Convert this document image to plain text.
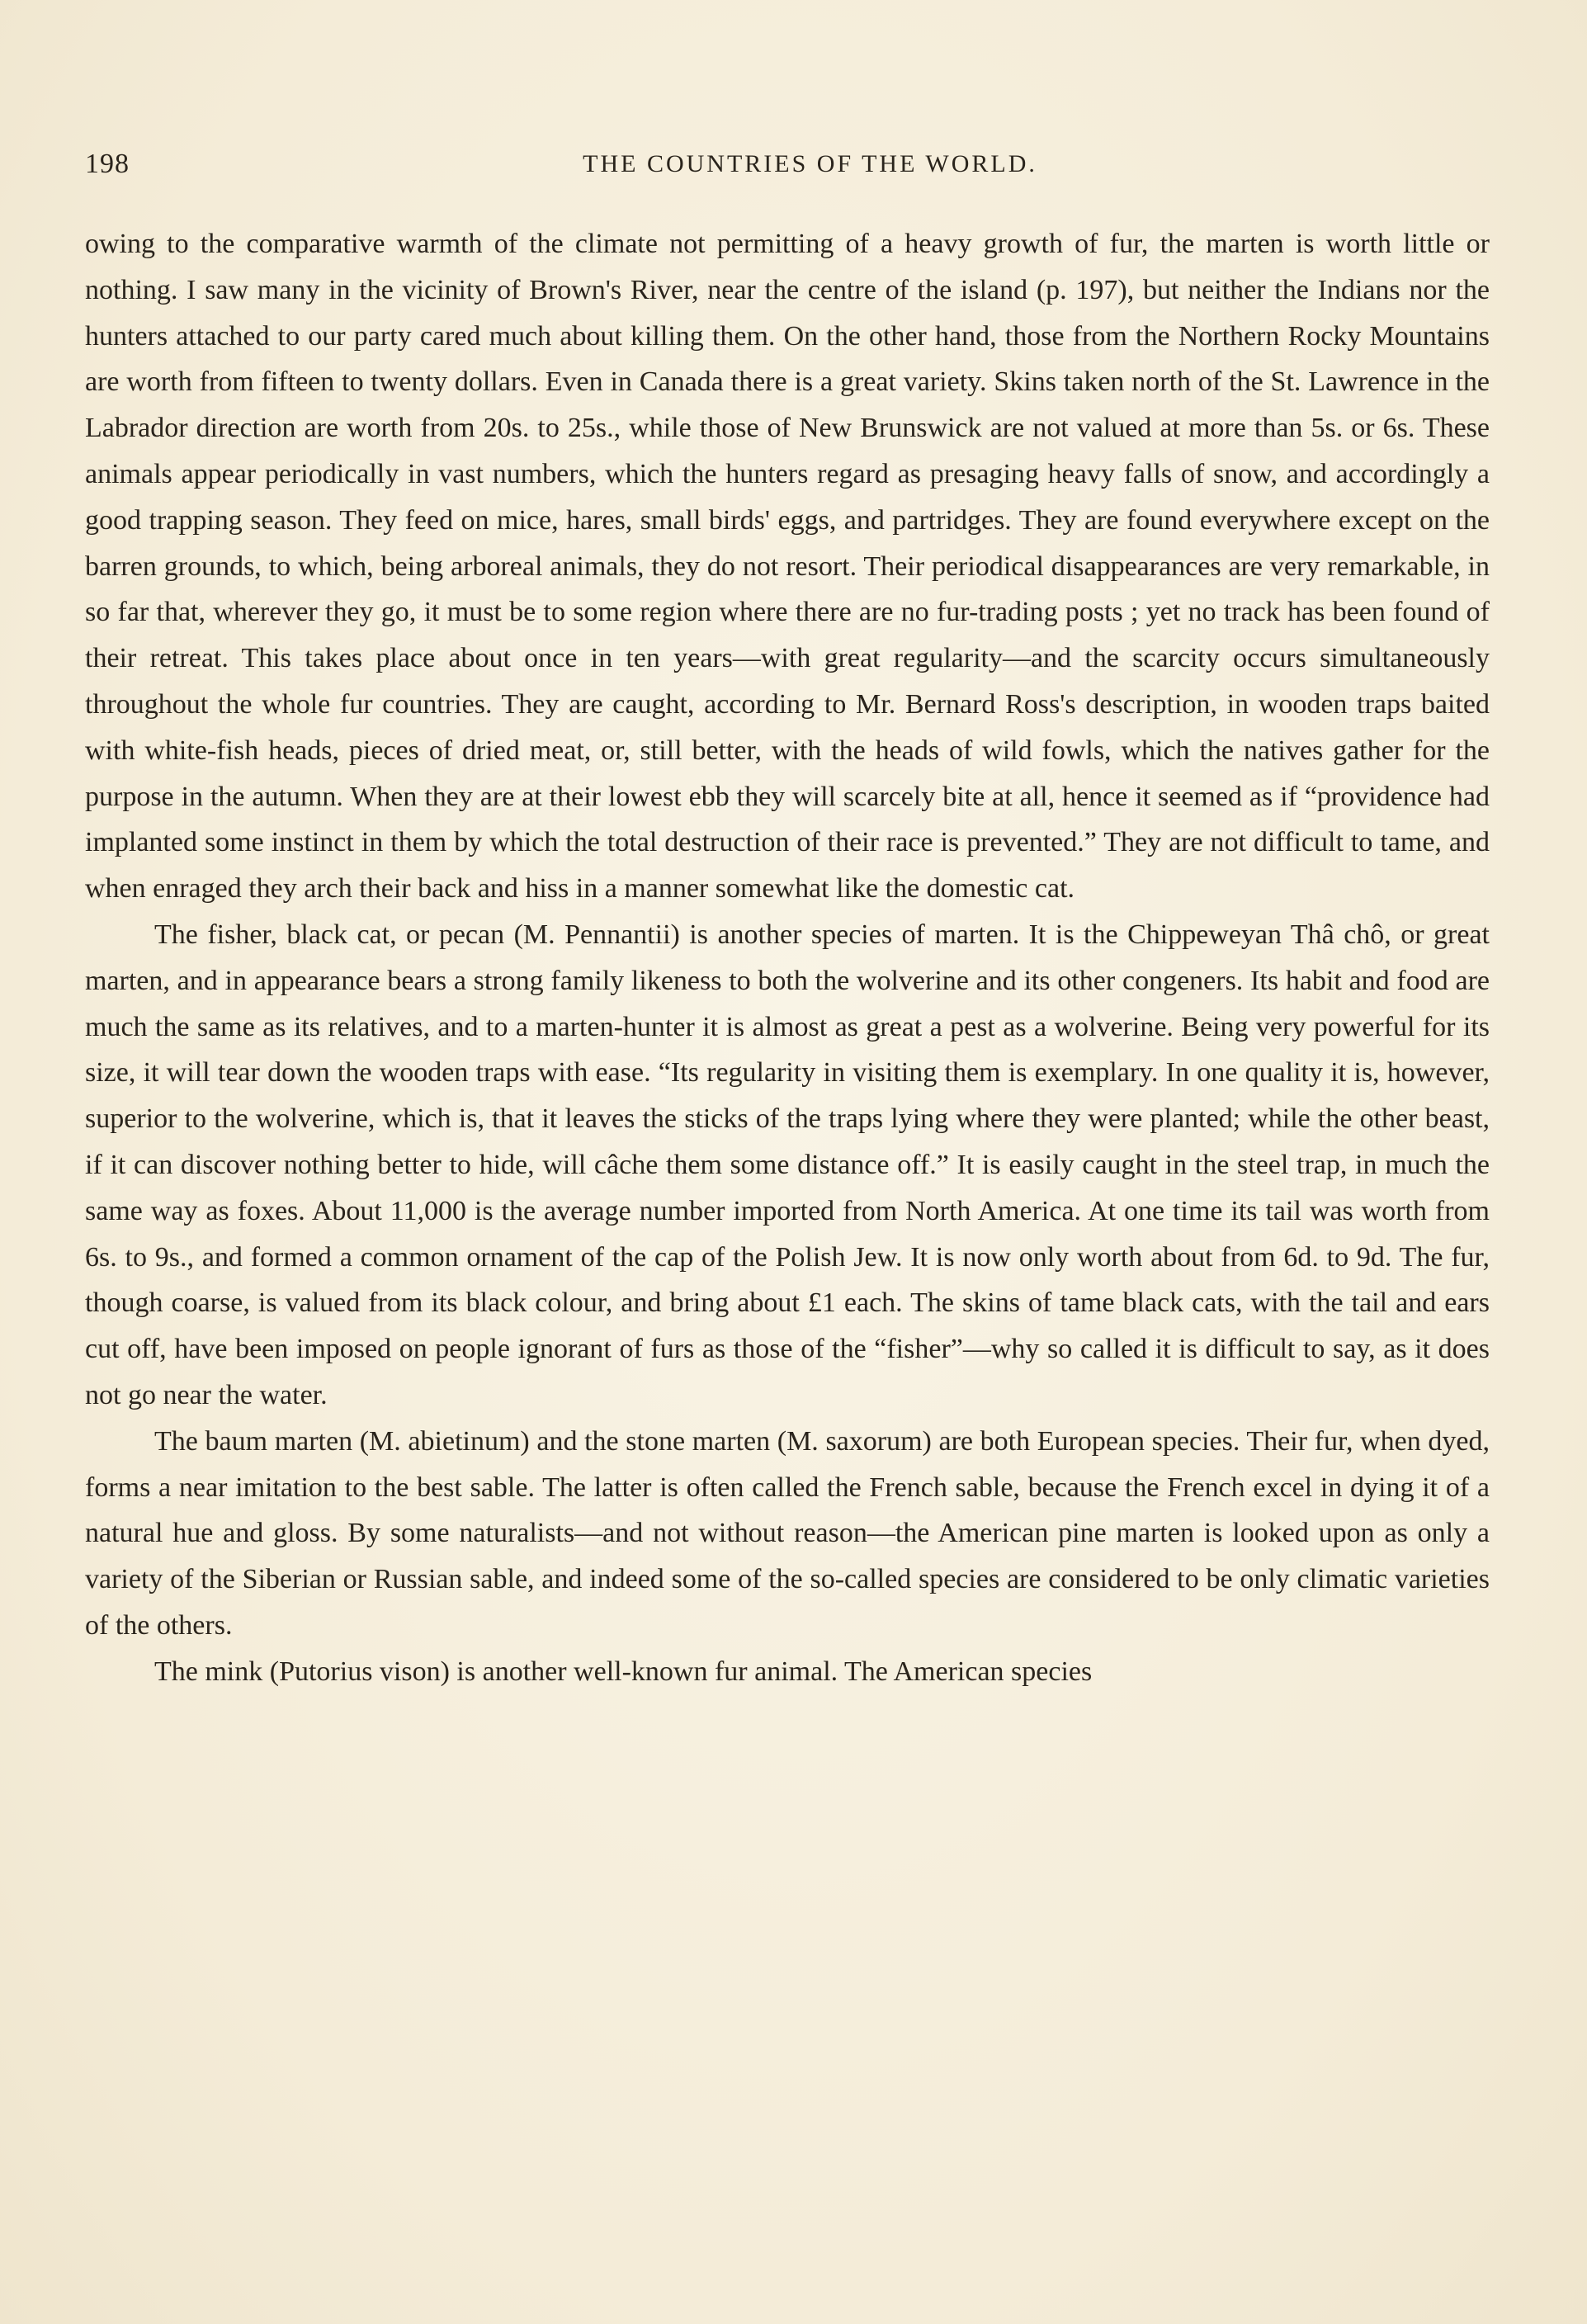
198	THE COUNTRIES OF THE WORLD.

owing to the comparative warmth of the climate not permitting of a heavy growth of fur, the marten is worth little or nothing. I saw many in the vicinity of Brown's River, near the centre of the island (p. 197), but neither the Indians nor the hunters attached to our party cared much about killing them. On the other hand, those from the Northern Rocky Mountains are worth from fifteen to twenty dollars. Even in Canada there is a great variety. Skins taken north of the St. Lawrence in the Labrador direction are worth from 20s. to 25s., while those of New Brunswick are not valued at more than 5s. or 6s. These animals appear periodically in vast numbers, which the hunters regard as presaging heavy falls of snow, and accordingly a good trapping season. They feed on mice, hares, small birds' eggs, and partridges. They are found everywhere except on the barren grounds, to which, being arboreal animals, they do not resort. Their periodical disappearances are very remarkable, in so far that, wherever they go, it must be to some region where there are no fur-trading posts ; yet no track has been found of their retreat. This takes place about once in ten years—with great regularity—and the scarcity occurs simultaneously throughout the whole fur countries. They are caught, according to Mr. Bernard Ross's description, in wooden traps baited with white-fish heads, pieces of dried meat, or, still better, with the heads of wild fowls, which the natives gather for the purpose in the autumn. When they are at their lowest ebb they will scarcely bite at all, hence it seemed as if “providence had implanted some instinct in them by which the total destruction of their race is prevented.” They are not difficult to tame, and when enraged they arch their back and hiss in a manner somewhat like the domestic cat.

The fisher, black cat, or pecan (M. Pennantii) is another species of marten. It is the Chippeweyan Thâ chô, or great marten, and in appearance bears a strong family likeness to both the wolverine and its other congeners. Its habit and food are much the same as its relatives, and to a marten-hunter it is almost as great a pest as a wolverine. Being very powerful for its size, it will tear down the wooden traps with ease. “Its regularity in visiting them is exemplary. In one quality it is, however, superior to the wolverine, which is, that it leaves the sticks of the traps lying where they were planted; while the other beast, if it can discover nothing better to hide, will câche them some distance off.” It is easily caught in the steel trap, in much the same way as foxes. About 11,000 is the average number imported from North America. At one time its tail was worth from 6s. to 9s., and formed a common ornament of the cap of the Polish Jew. It is now only worth about from 6d. to 9d. The fur, though coarse, is valued from its black colour, and bring about £1 each. The skins of tame black cats, with the tail and ears cut off, have been imposed on people ignorant of furs as those of the “fisher”—why so called it is difficult to say, as it does not go near the water.

The baum marten (M. abietinum) and the stone marten (M. saxorum) are both European species. Their fur, when dyed, forms a near imitation to the best sable. The latter is often called the French sable, because the French excel in dying it of a natural hue and gloss. By some naturalists—and not without reason—the American pine marten is looked upon as only a variety of the Siberian or Russian sable, and indeed some of the so-called species are considered to be only climatic varieties of the others.

The mink (Putorius vison) is another well-known fur animal. The American species
